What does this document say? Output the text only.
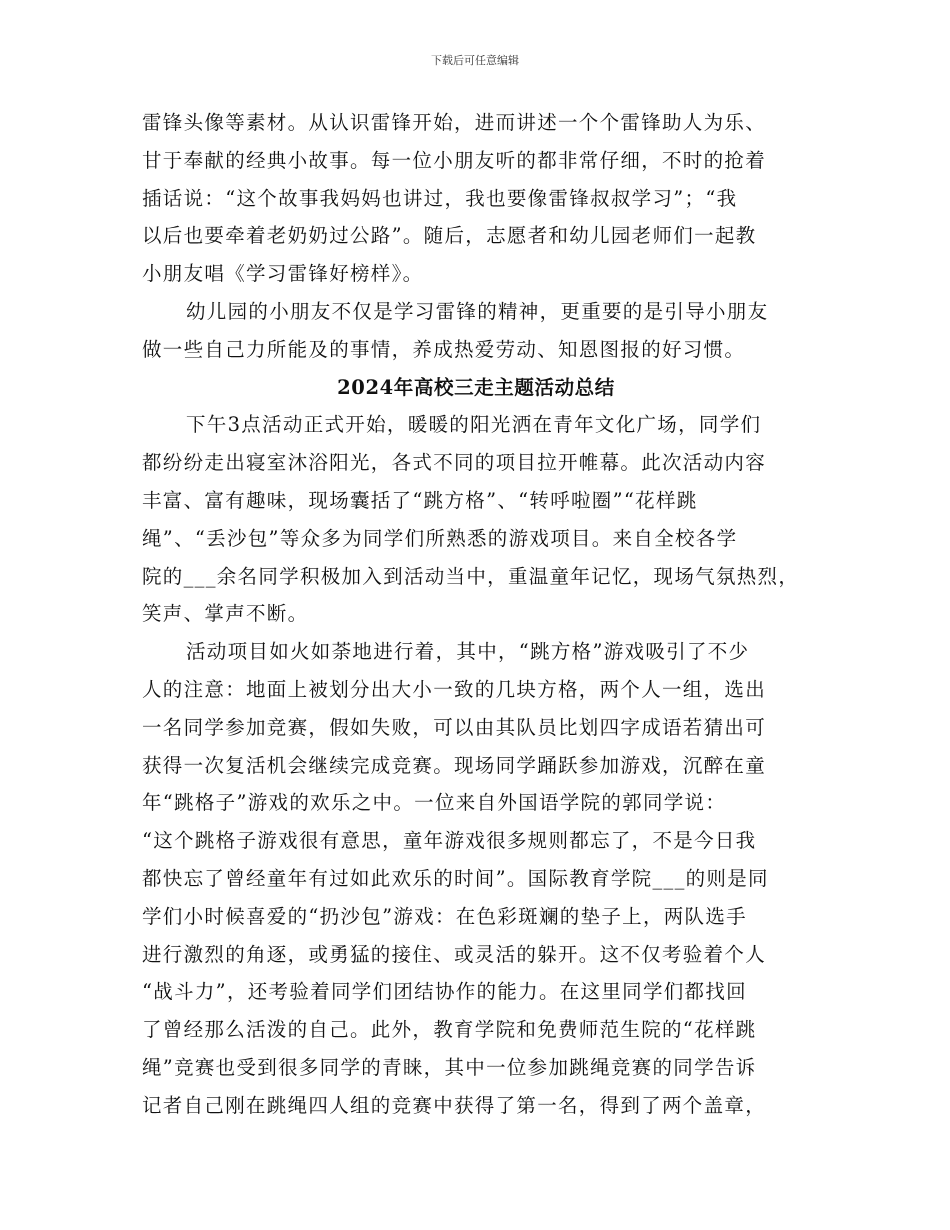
下载后可任意编辑
雷锋头像等素材。从认识雷锋开始，进而讲述一个个雷锋助人为乐、
甘于奉献的经典小故事。每一位小朋友听的都非常仔细，不时的抢着
插话说：“这个故事我妈妈也讲过，我也要像雷锋叔叔学习”；“我
以后也要牵着老奶奶过公路”。随后，志愿者和幼儿园老师们一起教
小朋友唱《学习雷锋好榜样》。
幼儿园的小朋友不仅是学习雷锋的精神，更重要的是引导小朋友
做一些自己力所能及的事情，养成热爱劳动、知恩图报的好习惯。
2024年高校三走主题活动总结
下午3点活动正式开始，暖暖的阳光洒在青年文化广场，同学们
都纷纷走出寝室沐浴阳光，各式不同的项目拉开帷幕。此次活动内容
丰富、富有趣味，现场囊括了“跳方格”、“转呼啦圈”“花样跳
绳”、“丢沙包”等众多为同学们所熟悉的游戏项目。来自全校各学
院的___余名同学积极加入到活动当中，重温童年记忆，现场气氛热烈，
笑声、掌声不断。
活动项目如火如荼地进行着，其中，“跳方格”游戏吸引了不少
人的注意：地面上被划分出大小一致的几块方格，两个人一组，选出
一名同学参加竞赛，假如失败，可以由其队员比划四字成语若猜出可
获得一次复活机会继续完成竞赛。现场同学踊跃参加游戏，沉醉在童
年“跳格子”游戏的欢乐之中。一位来自外国语学院的郭同学说：
“这个跳格子游戏很有意思，童年游戏很多规则都忘了，不是今日我
都快忘了曾经童年有过如此欢乐的时间”。国际教育学院___的则是同
学们小时候喜爱的“扔沙包”游戏：在色彩斑斓的垫子上，两队选手
进行激烈的角逐，或勇猛的接住、或灵活的躲开。这不仅考验着个人
“战斗力”，还考验着同学们团结协作的能力。在这里同学们都找回
了曾经那么活泼的自己。此外，教育学院和免费师范生院的“花样跳
绳”竞赛也受到很多同学的青睐，其中一位参加跳绳竞赛的同学告诉
记者自己刚在跳绳四人组的竞赛中获得了第一名，得到了两个盖章，
